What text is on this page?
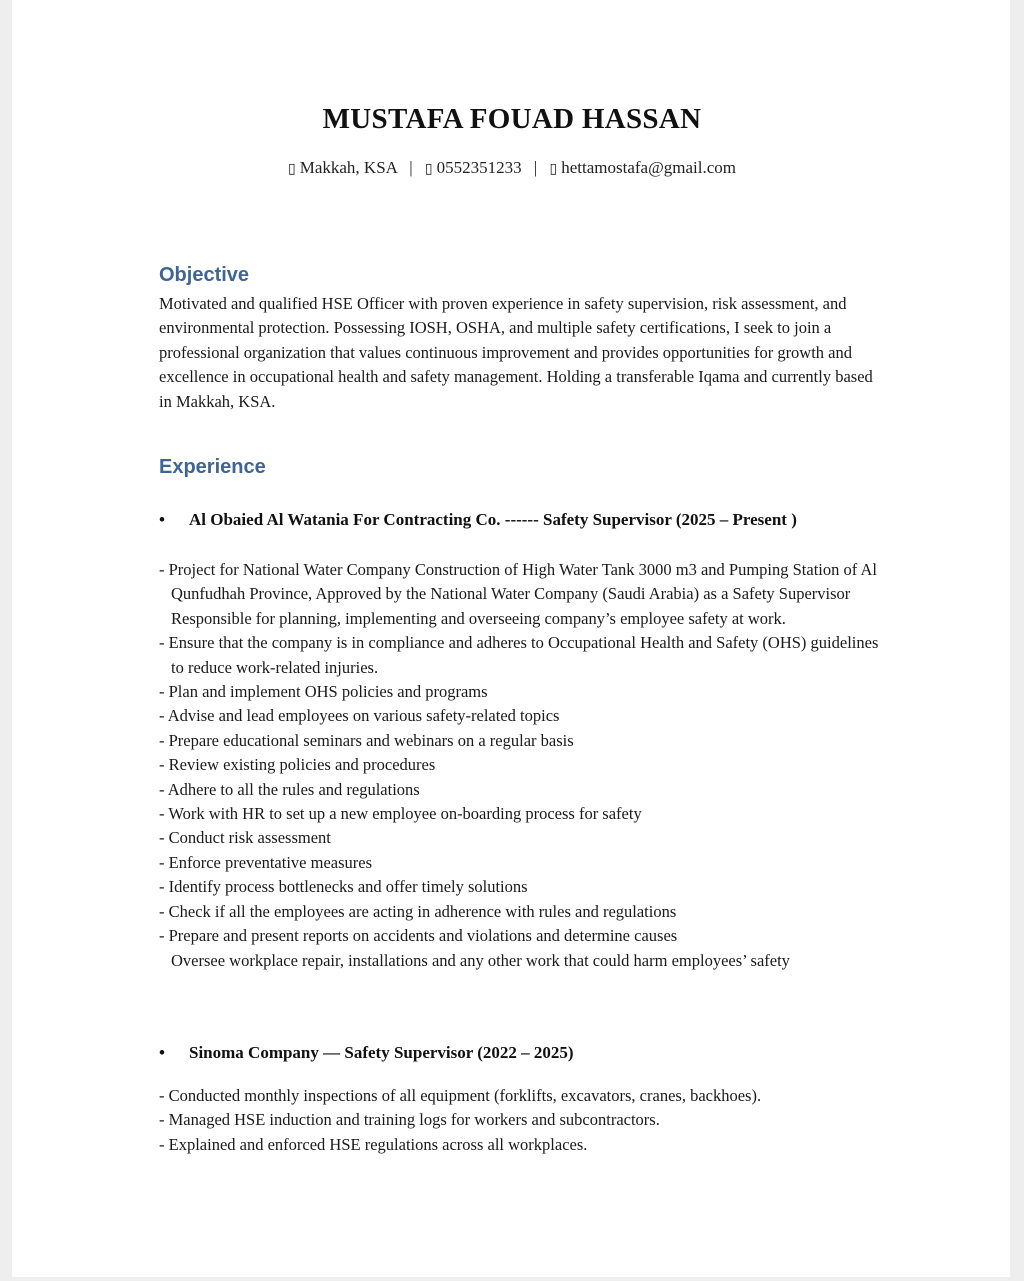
MUSTAFA FOUAD HASSAN
▯ Makkah, KSA | ▯ 0552351233 | ▯ hettamostafa@gmail.com
Objective
Motivated and qualified HSE Officer with proven experience in safety supervision, risk assessment, and environmental protection. Possessing IOSH, OSHA, and multiple safety certifications, I seek to join a professional organization that values continuous improvement and provides opportunities for growth and excellence in occupational health and safety management. Holding a transferable Iqama and currently based in Makkah, KSA.
Experience
• Al Obaied Al Watania For Contracting Co. ------ Safety Supervisor (2025 – Present )
- Project for National Water Company Construction of High Water Tank 3000 m3 and Pumping Station of Al Qunfudhah Province, Approved by the National Water Company (Saudi Arabia) as a Safety Supervisor Responsible for planning, implementing and overseeing company’s employee safety at work.
- Ensure that the company is in compliance and adheres to Occupational Health and Safety (OHS) guidelines to reduce work-related injuries.
- Plan and implement OHS policies and programs
- Advise and lead employees on various safety-related topics
- Prepare educational seminars and webinars on a regular basis
- Review existing policies and procedures
- Adhere to all the rules and regulations
- Work with HR to set up a new employee on-boarding process for safety
- Conduct risk assessment
- Enforce preventative measures
- Identify process bottlenecks and offer timely solutions
- Check if all the employees are acting in adherence with rules and regulations
- Prepare and present reports on accidents and violations and determine causes
Oversee workplace repair, installations and any other work that could harm employees’ safety
• Sinoma Company — Safety Supervisor (2022 – 2025)
- Conducted monthly inspections of all equipment (forklifts, excavators, cranes, backhoes).
- Managed HSE induction and training logs for workers and subcontractors.
- Explained and enforced HSE regulations across all workplaces.
